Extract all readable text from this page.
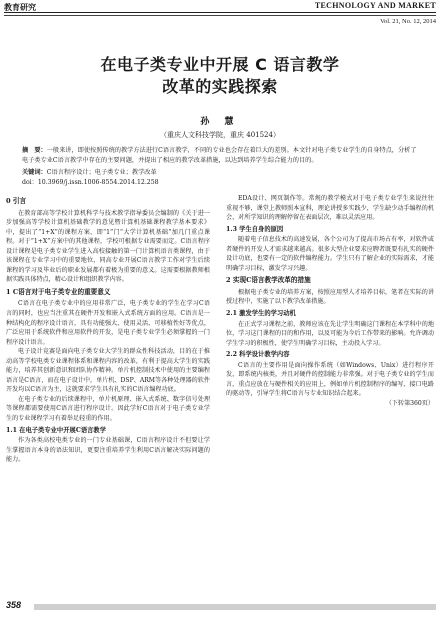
教育研究	TECHNOLOGY AND MARKET
Vol. 21, No. 12, 2014
在电子类专业中开展 C 语言教学
改革的实践探索
孙 慧
（重庆人文科技学院，重庆 401524）
摘　要：一般来讲，即使按照传统的教学方法进行C语言教学，不同的专业也会存在着巨大的差别。本文针对电子类专业学生的自身特点，分析了电子类专业C语言教学中存在的主要问题，并提出了相应的教学改革措施，以达到培养学生综合能力的目的。
关键词：C语言程序设计；电子类专业；教学改革
doi：10.3969/j.issn.1006-8554.2014.12.258

0 引言

在教育部高等学校计算机科学与技术教学指导委员会编制的《关于进一步加强高等学校计算机基础教学的意见暨计算机基础课程教学基本要求》中，提出了“1+X”的课程方案，即“1”门“大学计算机基础”加几门重点课程。对于“1+X”方案中的其他课程，学校可根据专业需要而定。C语言程序设计课程是电子类专业学生进入高校接触的第一门计算机语言类课程，由于该课程在专业学习中的重要地位，同高专业开展C语言教学工作对学生后续课程的学习及毕业后的职业发展都有着极为重要的意义。这需要根据教师根据实践具体特点，精心设计和组织教学内容。

1 C语言对于电子类专业的重要意义

C语言在电子类专业中的应用非常广泛，电子类专业的学生在学习C语言的同时，也应当注重其在硬件开发和嵌入式系统方面的应用。C语言是一种结构化的程序设计语言，具有功能强大、使用灵活、可移植性好等优点，广泛应用于系统软件和应用软件的开发，是电子类专业学生必须掌握的一门程序设计语言。

电子设计竞赛是面向电子类专业大学生的群众性科技活动，目的在于推动高等学校电类专业课程体系和课程内容的改革，有利于提高大学生的实践能力，培养其创新意识和团队协作精神。单片机控制技术中使用的主要编程语言是C语言，而在电子设计中，单片机、DSP、ARM等各种处理器的软件开发均以C语言为主，这就要求学生具有扎实的C语言编程功底。

在电子类专业的后续课程中，单片机原理、嵌入式系统、数字信号处理等课程都需要使用C语言进行程序设计。因此学好C语言对于电子类专业学生的专业课程学习有着举足轻重的作用。

1.1 在电子类专业中开展C语言教学

作为各类高校电类专业的一门专业基础课，C语言程序设计不但要让学生掌握语言本身的语法知识，更要注重培养学生利用C语言解决实际问题的能力。

EDA设计、网页制作等。常规的教学模式对于电子类专业学生来说往往重视不够，课堂上教师照本宣科，理论讲授多实践少，学生缺少动手编程的机会，对所学知识的理解停留在表面层次，难以灵活应用。

1.3 学生自身的原因

随着电子信息技术的高速发展，各个公司为了提高市场占有率，对软件或者硬件的开发人才需求越来越高。很多大型企业要求应聘者既要有扎实的硬件设计功底，也要有一定的软件编程能力。学生只有了解企业的实际需求，才能明确学习目标，激发学习兴趣。

2 实现C语言教学改革的措施

根据电子类专业的培养方案，按照应用型人才培养目标，笔者在实际的讲授过程中，实施了以下教学改革措施。

2.1 激发学生的学习动机

在正式学习课程之前，教师应该在先让学生明确这门课程在本学科中的地位，学习这门课程的目的和作用，以及可能为今后工作带来的影响。允许调动学生学习的积极性，使学生明确学习目标，主动投入学习。

2.2 科学设计教学内容

C语言的主要作用是面向操作系统（如Windows、Unix）进行程序开发，即系统内核类，并且对硬件的控制能力非常强。对于电子类专业的学生而言，重点应放在与硬件相关的应用上，例如单片机控制程序的编写、接口电路的驱动等，引导学生将C语言与专业知识结合起来。

（下转第360页）

358
